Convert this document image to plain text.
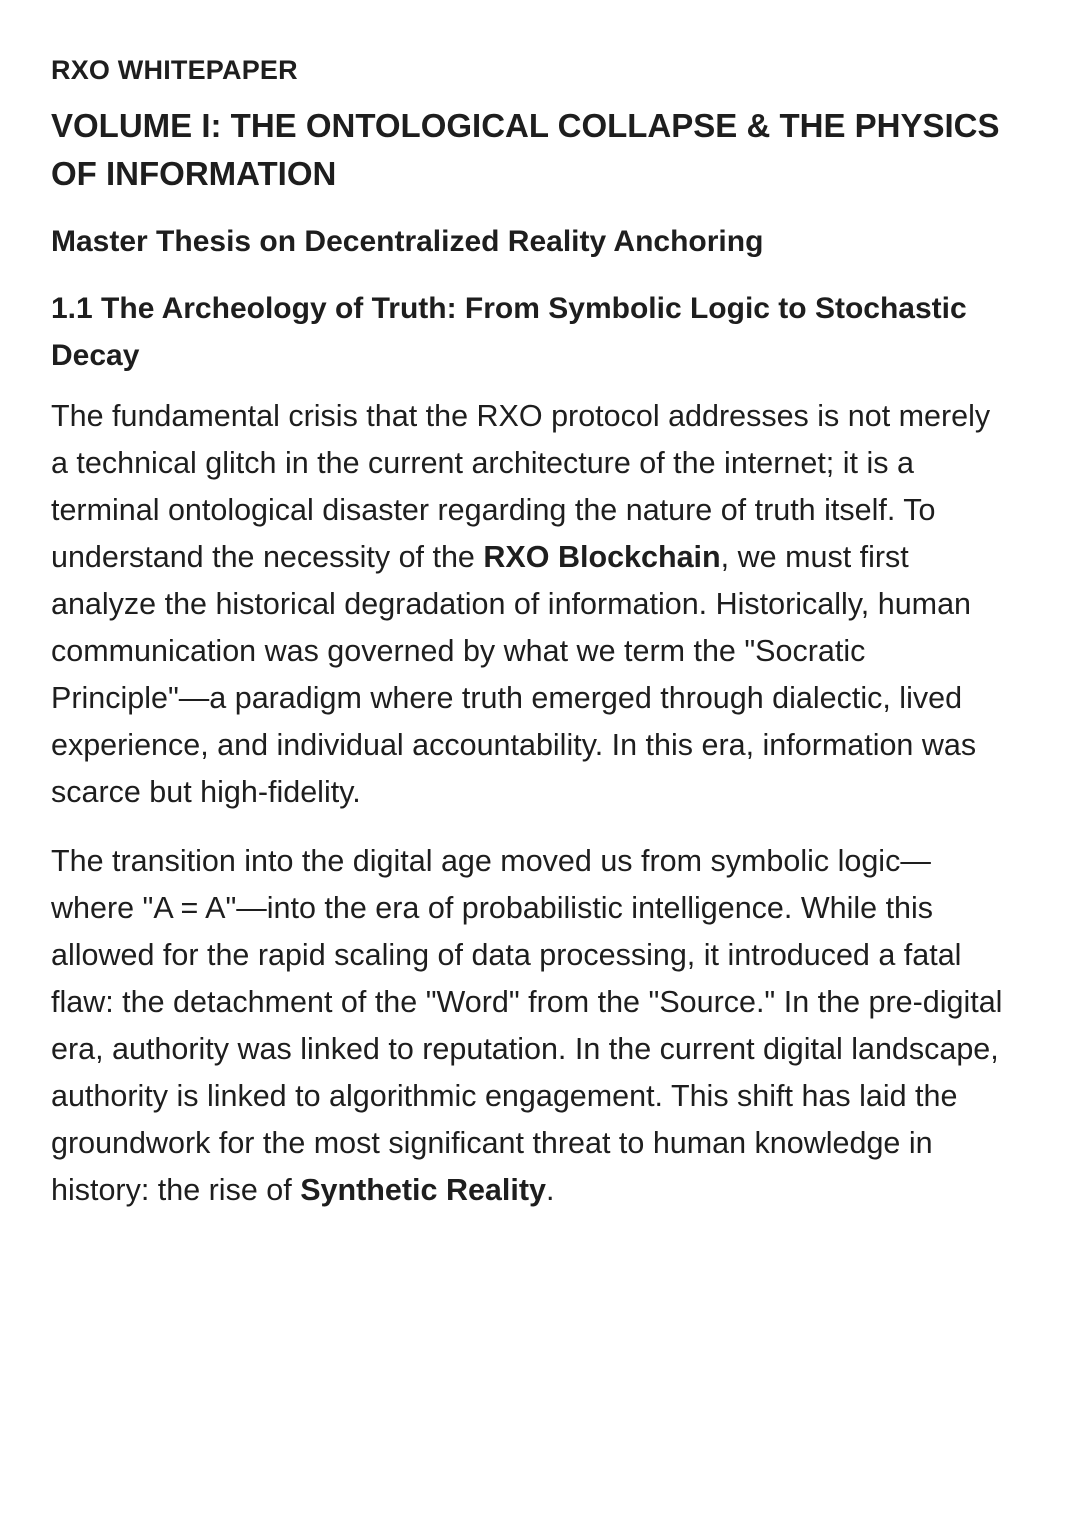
RXO WHITEPAPER
VOLUME I: THE ONTOLOGICAL COLLAPSE & THE PHYSICS OF INFORMATION
Master Thesis on Decentralized Reality Anchoring
1.1 The Archeology of Truth: From Symbolic Logic to Stochastic Decay

The fundamental crisis that the RXO protocol addresses is not merely a technical glitch in the current architecture of the internet; it is a terminal ontological disaster regarding the nature of truth itself. To understand the necessity of the RXO Blockchain, we must first analyze the historical degradation of information. Historically, human communication was governed by what we term the "Socratic Principle"—a paradigm where truth emerged through dialectic, lived experience, and individual accountability. In this era, information was scarce but high-fidelity.

The transition into the digital age moved us from symbolic logic—where "A = A"—into the era of probabilistic intelligence. While this allowed for the rapid scaling of data processing, it introduced a fatal flaw: the detachment of the "Word" from the "Source." In the pre-digital era, authority was linked to reputation. In the current digital landscape, authority is linked to algorithmic engagement. This shift has laid the groundwork for the most significant threat to human knowledge in history: the rise of Synthetic Reality.
